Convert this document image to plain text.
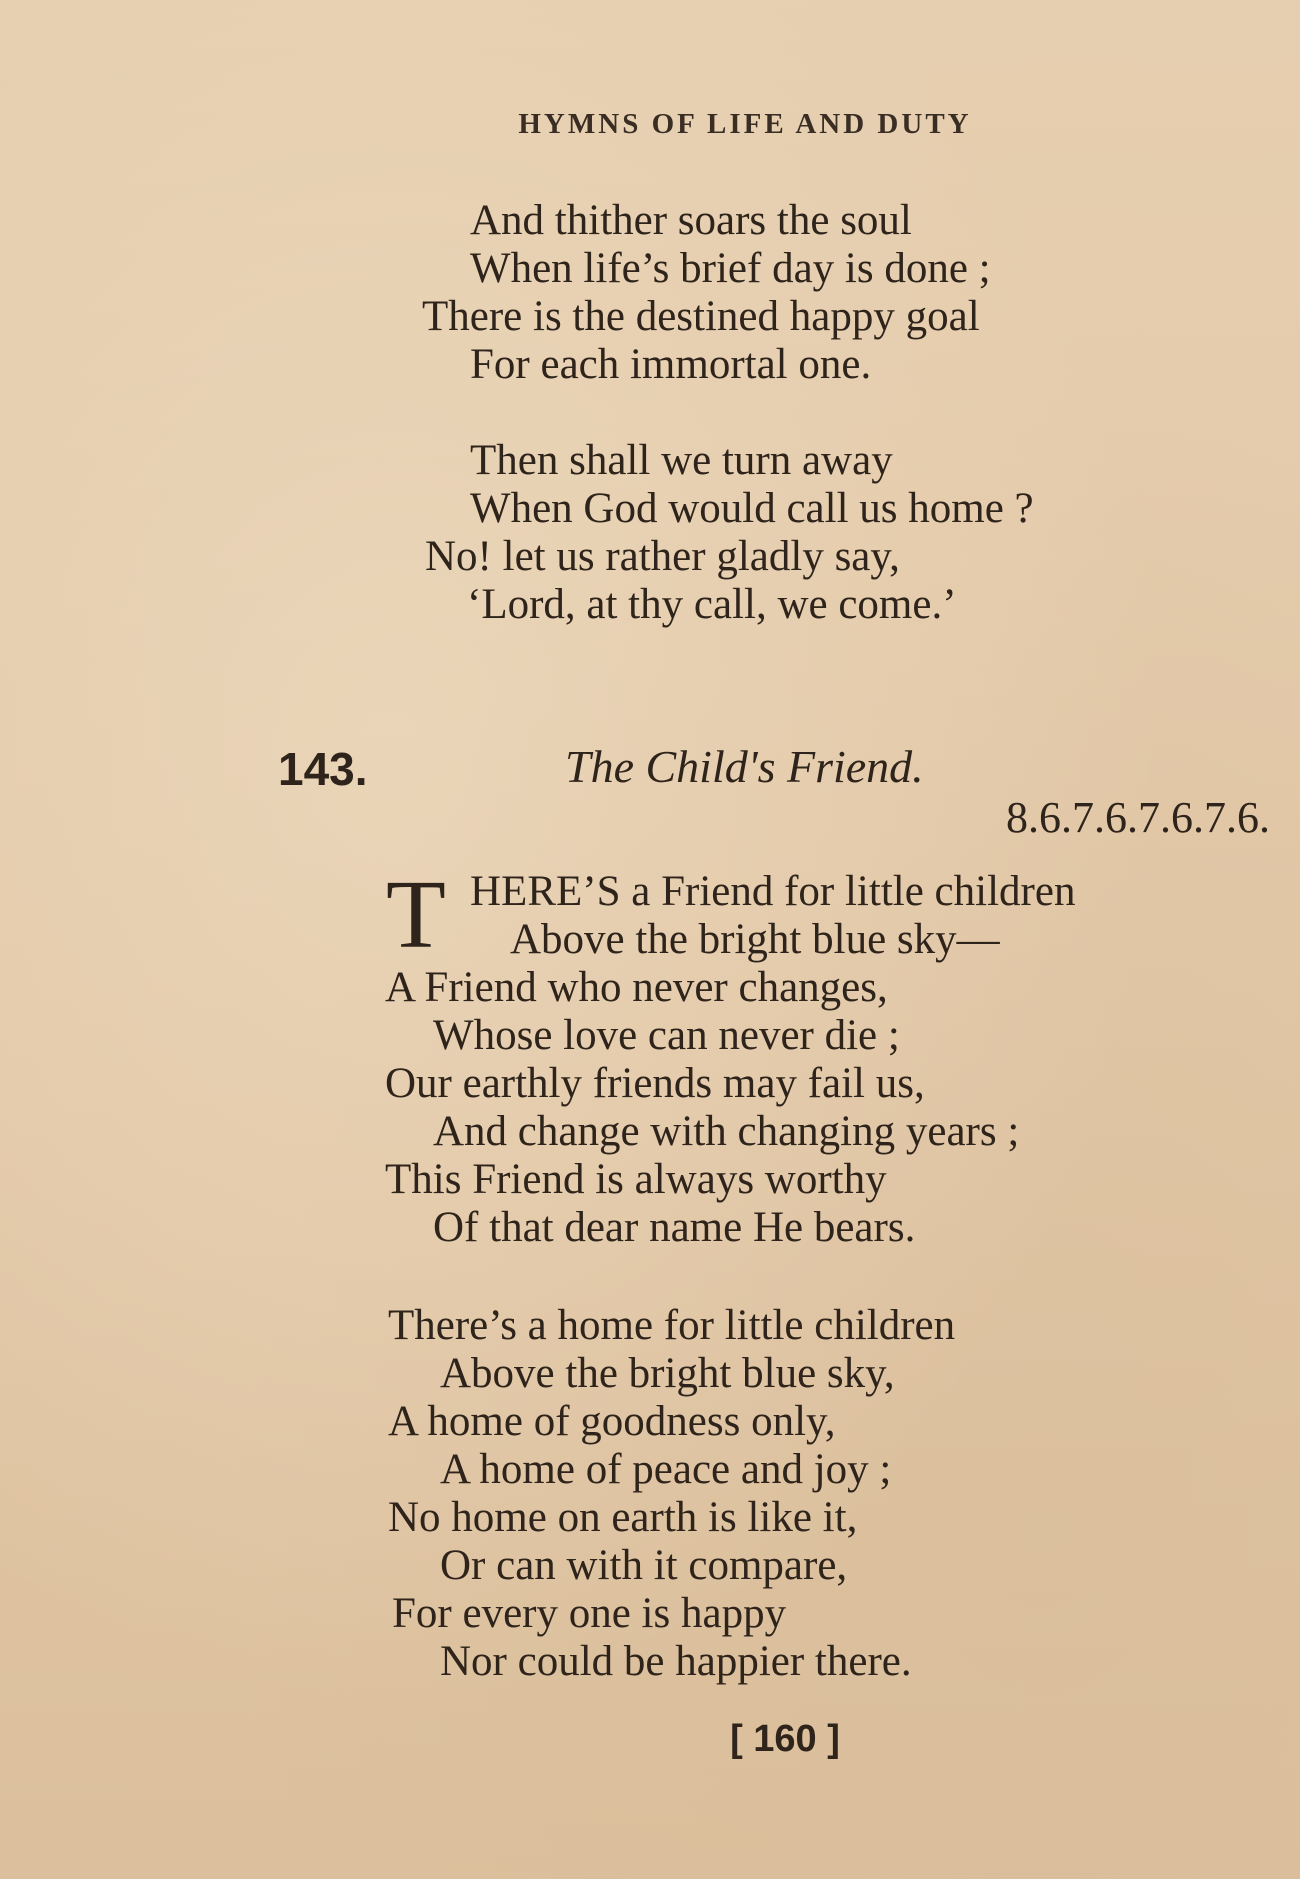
HYMNS OF LIFE AND DUTY
And thither soars the soul
When life’s brief day is done ;
There is the destined happy goal
For each immortal one.
Then shall we turn away
When God would call us home ?
No! let us rather gladly say,
‘Lord, at thy call, we come.’
143.	The Child's Friend.
8.6.7.6.7.6.7.6.
T HERE’S a Friend for little children
Above the bright blue sky—
A Friend who never changes,
Whose love can never die ;
Our earthly friends may fail us,
And change with changing years ;
This Friend is always worthy
Of that dear name He bears.
There’s a home for little children
Above the bright blue sky,
A home of goodness only,
A home of peace and joy ;
No home on earth is like it,
Or can with it compare,
For every one is happy
Nor could be happier there.
[ 160 ]
